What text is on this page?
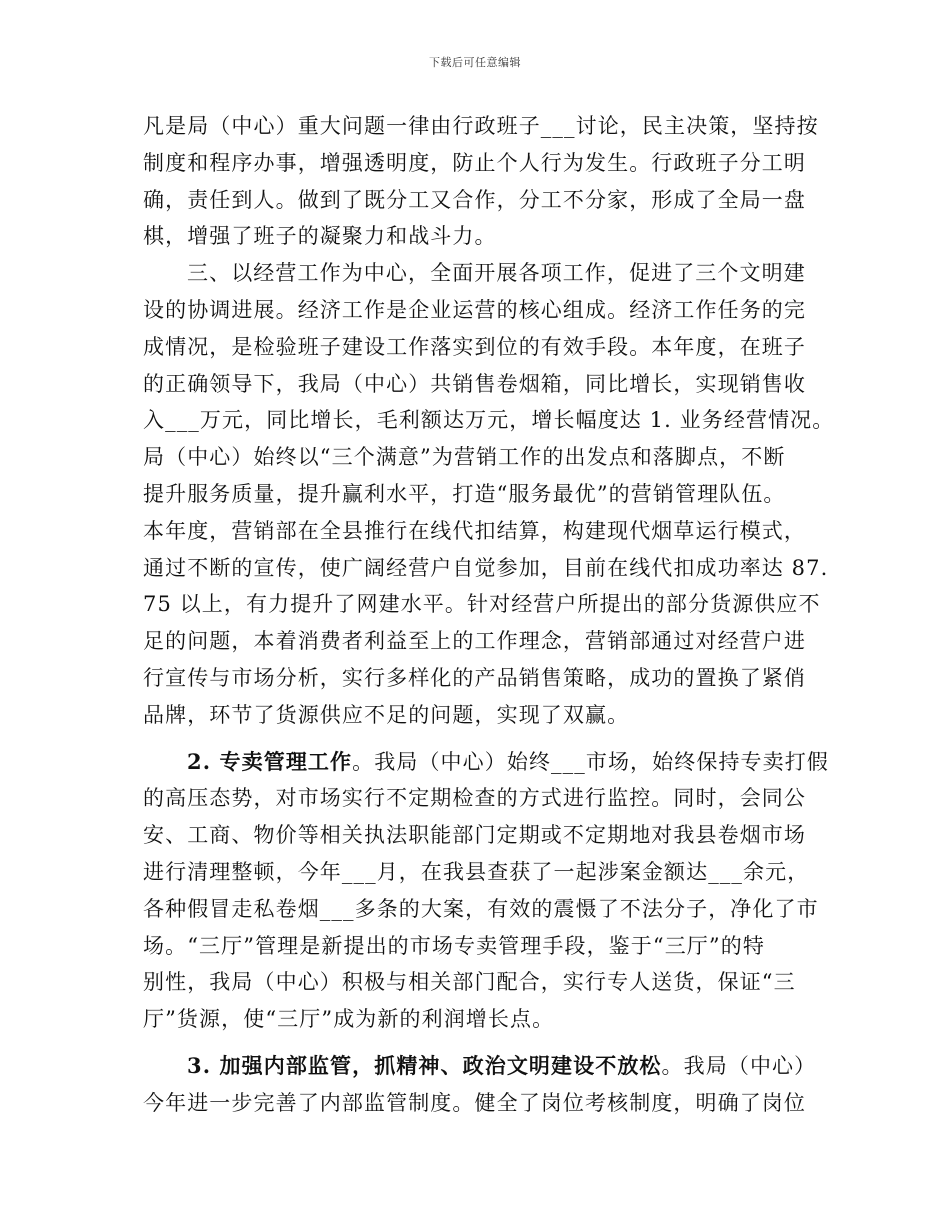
下载后可任意编辑
凡是局（中心）重大问题一律由行政班子___讨论，民主决策，坚持按
制度和程序办事，增强透明度，防止个人行为发生。行政班子分工明
确，责任到人。做到了既分工又合作，分工不分家，形成了全局一盘
棋，增强了班子的凝聚力和战斗力。
三、以经营工作为中心，全面开展各项工作，促进了三个文明建
设的协调进展。经济工作是企业运营的核心组成。经济工作任务的完
成情况，是检验班子建设工作落实到位的有效手段。本年度，在班子
的正确领导下，我局（中心）共销售卷烟箱，同比增长，实现销售收
入___万元，同比增长，毛利额达万元，增长幅度达 1. 业务经营情况。
局（中心）始终以“三个满意”为营销工作的出发点和落脚点，不断
提升服务质量，提升赢利水平，打造“服务最优”的营销管理队伍。
本年度，营销部在全县推行在线代扣结算，构建现代烟草运行模式，
通过不断的宣传，使广阔经营户自觉参加，目前在线代扣成功率达 87.
75 以上，有力提升了网建水平。针对经营户所提出的部分货源供应不
足的问题，本着消费者利益至上的工作理念，营销部通过对经营户进
行宣传与市场分析，实行多样化的产品销售策略，成功的置换了紧俏
品牌，环节了货源供应不足的问题，实现了双赢。
2. 专卖管理工作。我局（中心）始终___市场，始终保持专卖打假
的高压态势，对市场实行不定期检查的方式进行监控。同时，会同公
安、工商、物价等相关执法职能部门定期或不定期地对我县卷烟市场
进行清理整顿，今年___月，在我县查获了一起涉案金额达___余元，
各种假冒走私卷烟___多条的大案，有效的震慑了不法分子，净化了市
场。“三厅”管理是新提出的市场专卖管理手段，鉴于“三厅”的特
别性，我局（中心）积极与相关部门配合，实行专人送货，保证“三
厅”货源，使“三厅”成为新的利润增长点。
3. 加强内部监管，抓精神、政治文明建设不放松。我局（中心）
今年进一步完善了内部监管制度。健全了岗位考核制度，明确了岗位
